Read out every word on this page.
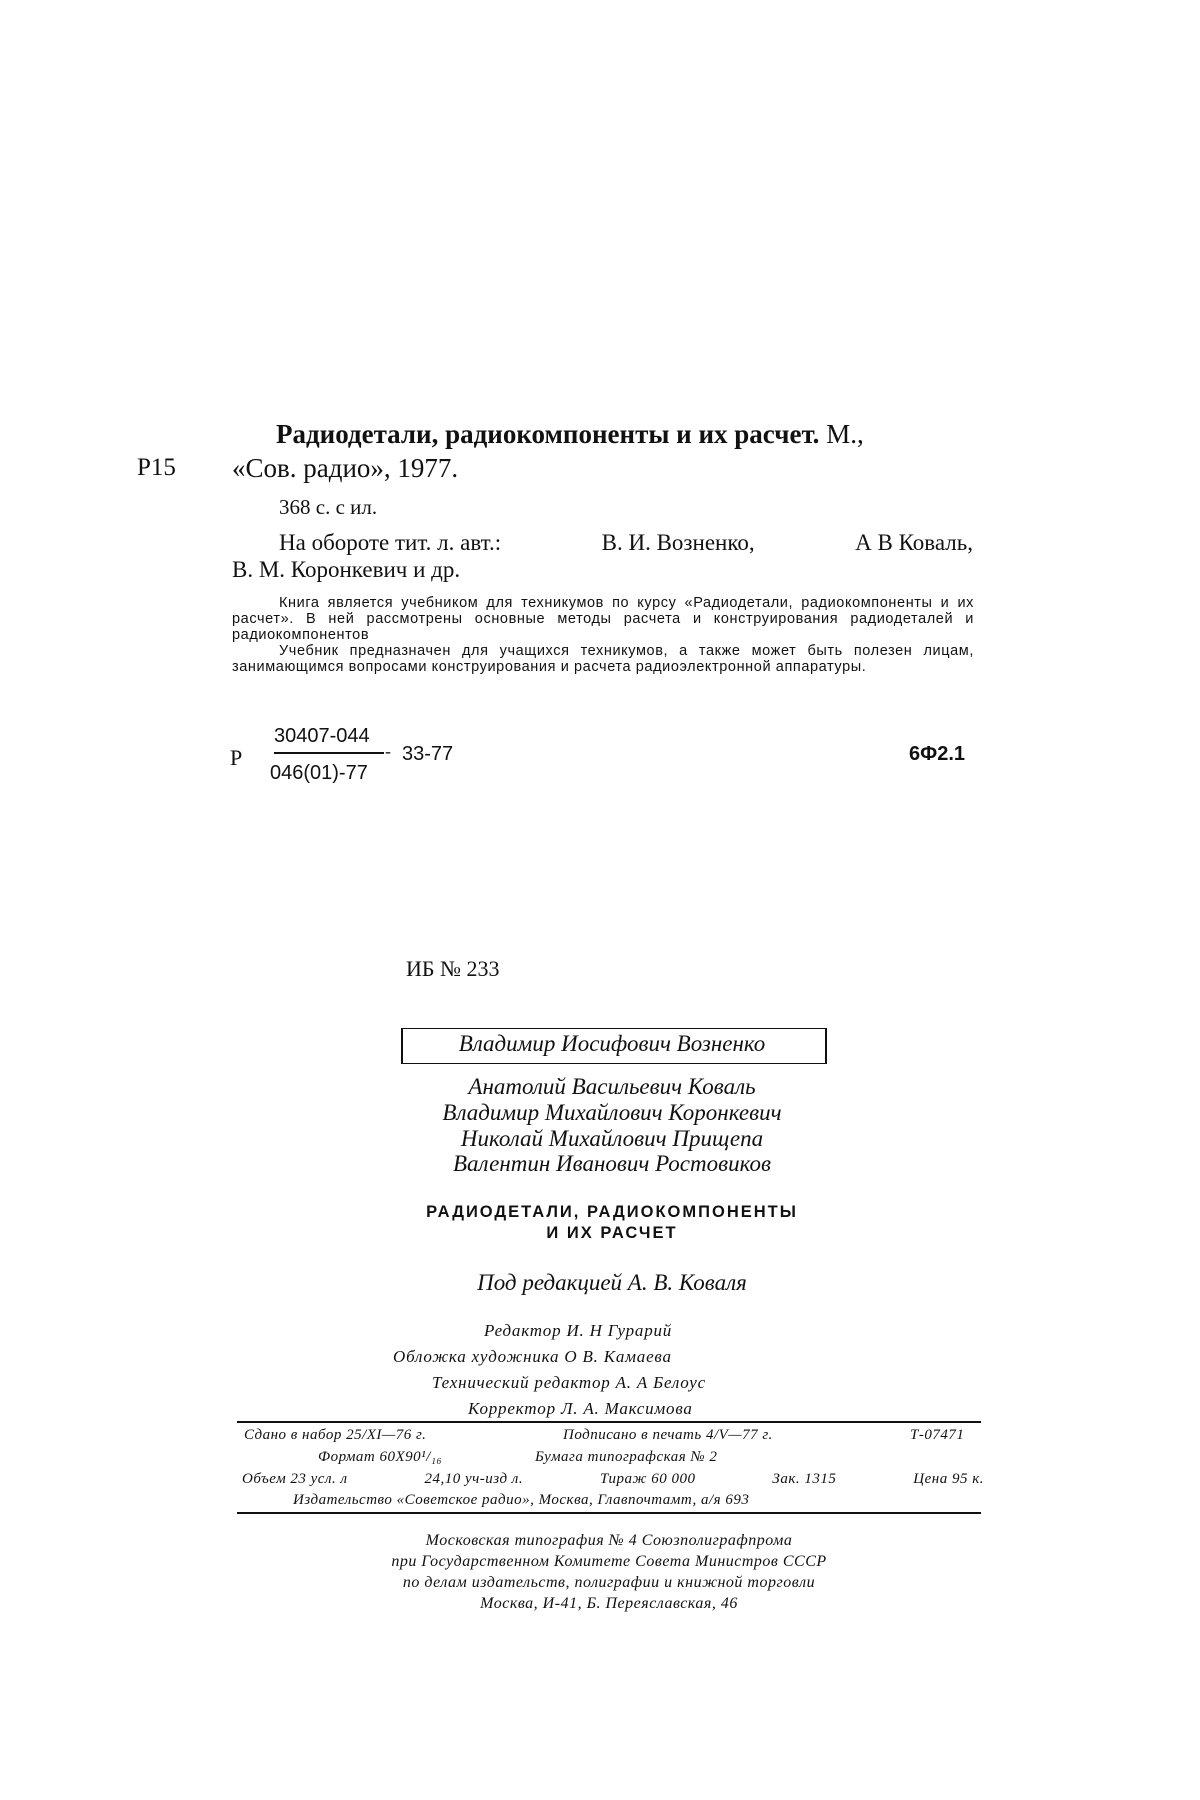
Р15
Радиодетали, радиокомпоненты и их расчет. М.,
«Сов. радио», 1977.
368 с. с ил.
На обороте тит. л. авт.:	В. И. Возненко,	А В Коваль,
В. М. Коронкевич и др.

Книга является учебником для техникумов по курсу «Радиодетали, радиокомпоненты и их расчет». В ней рассмотрены основные методы расчета и конструирования радиодеталей и радиокомпонентов

Учебник предназначен для учащихся техникумов, а также может быть полезен лицам, занимающимся вопросами конструирования и расчета радиоэлектронной аппаратуры.

Р
30407-044
046(01)-77
- 33-77	6Ф2.1
ИБ № 233
Владимир Иосифович Возненко
Анатолий Васильевич Коваль
Владимир Михайлович Коронкевич
Николай Михайлович Прищепа
Валентин Иванович Ростовиков
РАДИОДЕТАЛИ, РАДИОКОМПОНЕНТЫ
И ИХ РАСЧЕТ
Под редакцией А. В. Коваля
Редактор И. Н Гурарий
Обложка художника О В. Камаева
Технический редактор А. А Белоус
Корректор Л. А. Максимова
Сдано в набор 25/XI—76 г.	Подписано в печать 4/V—77 г.	Т-07471
Формат 60Х90¹/₁₆	Бумага типографская № 2
Объем 23 усл. л	24,10 уч-изд л.	Тираж 60 000	Зак. 1315	Цена 95 к.
Издательство «Советское радио», Москва, Главпочтамт, а/я 693
Московская типография № 4 Союзполиграфпрома
при Государственном Комитете Совета Министров СССР
по делам издательств, полиграфии и книжной торговли
Москва, И-41, Б. Переяславская, 46
